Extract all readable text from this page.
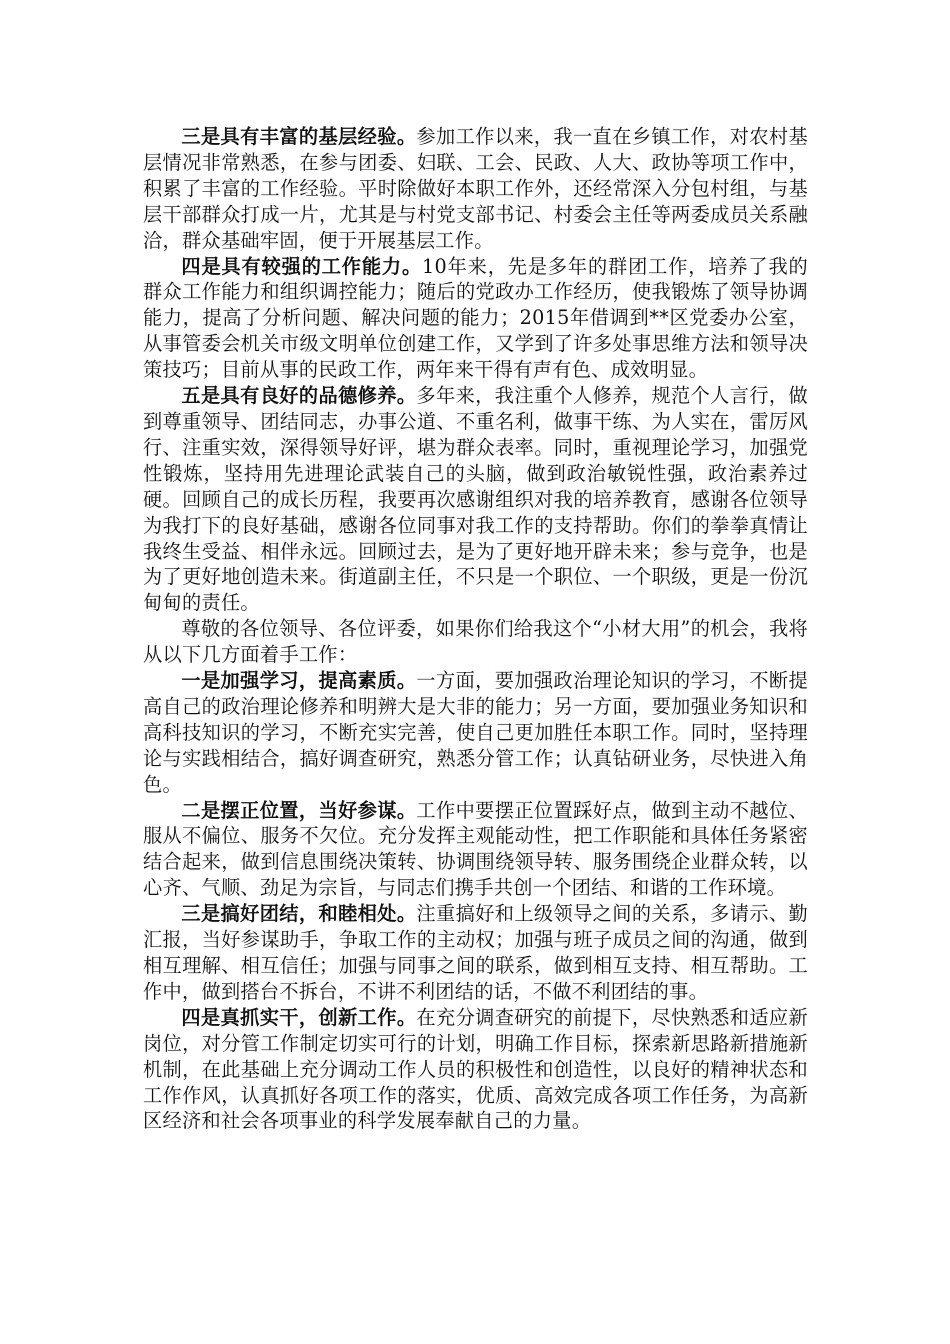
三是具有丰富的基层经验。参加工作以来，我一直在乡镇工作，对农村基层情况非常熟悉，在参与团委、妇联、工会、民政、人大、政协等项工作中，积累了丰富的工作经验。平时除做好本职工作外，还经常深入分包村组，与基层干部群众打成一片，尤其是与村党支部书记、村委会主任等两委成员关系融洽，群众基础牢固，便于开展基层工作。

四是具有较强的工作能力。10年来，先是多年的群团工作，培养了我的群众工作能力和组织调控能力；随后的党政办工作经历，使我锻炼了领导协调能力，提高了分析问题、解决问题的能力；2015年借调到**区党委办公室，从事管委会机关市级文明单位创建工作，又学到了许多处事思维方法和领导决策技巧；目前从事的民政工作，两年来干得有声有色、成效明显。

五是具有良好的品德修养。多年来，我注重个人修养，规范个人言行，做到尊重领导、团结同志，办事公道、不重名利，做事干练、为人实在，雷厉风行、注重实效，深得领导好评，堪为群众表率。同时，重视理论学习，加强党性锻炼，坚持用先进理论武装自己的头脑，做到政治敏锐性强，政治素养过硬。回顾自己的成长历程，我要再次感谢组织对我的培养教育，感谢各位领导为我打下的良好基础，感谢各位同事对我工作的支持帮助。你们的拳拳真情让我终生受益、相伴永远。回顾过去，是为了更好地开辟未来；参与竞争，也是为了更好地创造未来。街道副主任，不只是一个职位、一个职级，更是一份沉甸甸的责任。

尊敬的各位领导、各位评委，如果你们给我这个“小材大用”的机会，我将从以下几方面着手工作：

一是加强学习，提高素质。一方面，要加强政治理论知识的学习，不断提高自己的政治理论修养和明辨大是大非的能力；另一方面，要加强业务知识和高科技知识的学习，不断充实完善，使自己更加胜任本职工作。同时，坚持理论与实践相结合，搞好调查研究，熟悉分管工作；认真钻研业务，尽快进入角色。

二是摆正位置，当好参谋。工作中要摆正位置踩好点，做到主动不越位、服从不偏位、服务不欠位。充分发挥主观能动性，把工作职能和具体任务紧密结合起来，做到信息围绕决策转、协调围绕领导转、服务围绕企业群众转，以心齐、气顺、劲足为宗旨，与同志们携手共创一个团结、和谐的工作环境。

三是搞好团结，和睦相处。注重搞好和上级领导之间的关系，多请示、勤汇报，当好参谋助手，争取工作的主动权；加强与班子成员之间的沟通，做到相互理解、相互信任；加强与同事之间的联系，做到相互支持、相互帮助。工作中，做到搭台不拆台，不讲不利团结的话，不做不利团结的事。

四是真抓实干，创新工作。在充分调查研究的前提下，尽快熟悉和适应新岗位，对分管工作制定切实可行的计划，明确工作目标，探索新思路新措施新机制，在此基础上充分调动工作人员的积极性和创造性，以良好的精神状态和工作作风，认真抓好各项工作的落实，优质、高效完成各项工作任务，为高新区经济和社会各项事业的科学发展奉献自己的力量。
